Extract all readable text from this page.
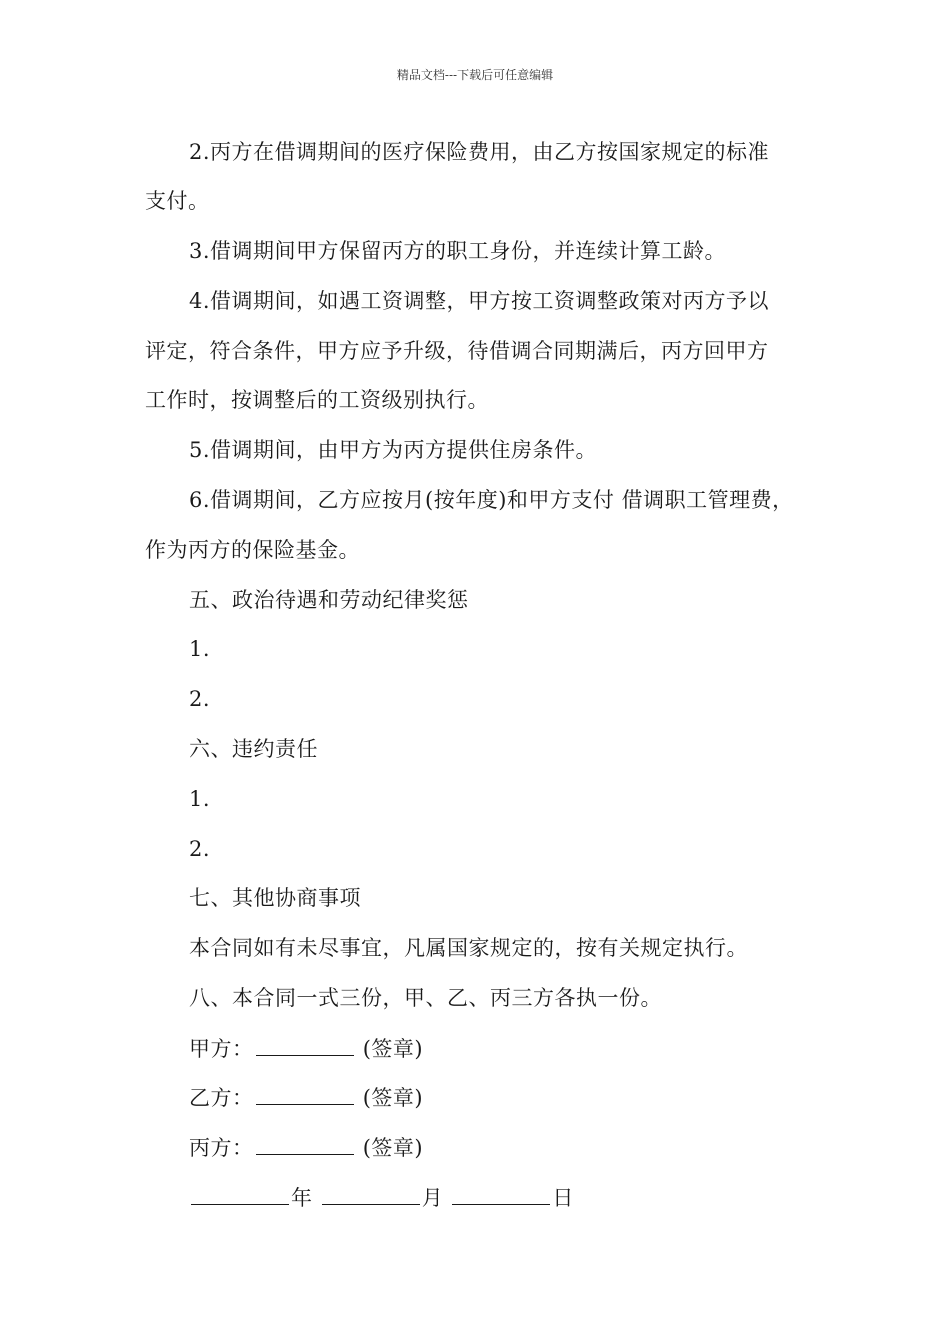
精品文档---下载后可任意编辑
2.丙方在借调期间的医疗保险费用，由乙方按国家规定的标准
支付。
3.借调期间甲方保留丙方的职工身份，并连续计算工龄。
4.借调期间，如遇工资调整，甲方按工资调整政策对丙方予以
评定，符合条件，甲方应予升级，待借调合同期满后，丙方回甲方
工作时，按调整后的工资级别执行。
5.借调期间，由甲方为丙方提供住房条件。
6.借调期间，乙方应按月(按年度)和甲方支付 借调职工管理费，
作为丙方的保险基金。
五、政治待遇和劳动纪律奖惩
1.
2.
六、违约责任
1.
2.
七、其他协商事项
本合同如有未尽事宜，凡属国家规定的，按有关规定执行。
八、本合同一式三份，甲、乙、丙三方各执一份。
甲方：	(签章)
乙方：	(签章)
丙方：	(签章)
年	月	日
